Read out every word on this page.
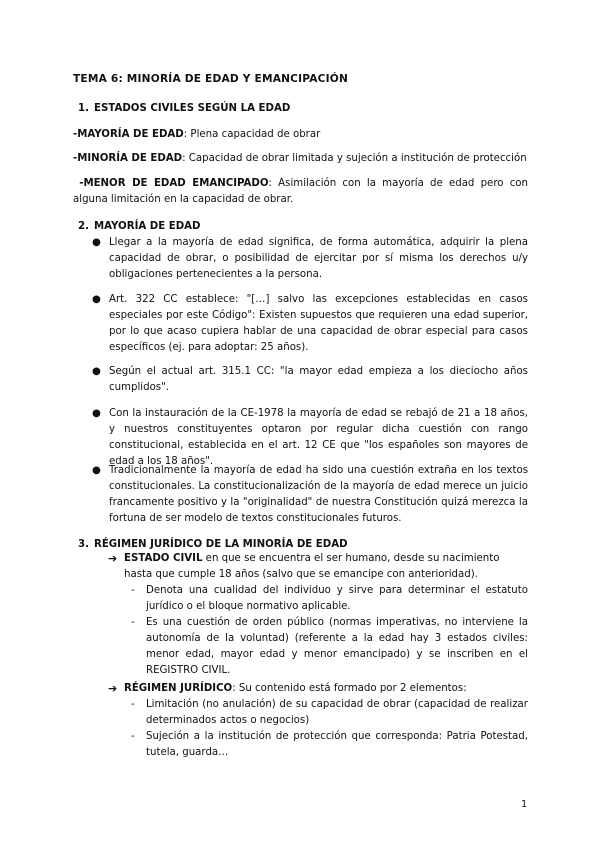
TEMA 6: MINORÍA DE EDAD Y EMANCIPACIÓN
1. ESTADOS CIVILES SEGÚN LA EDAD
-MAYORÍA DE EDAD: Plena capacidad de obrar
-MINORÍA DE EDAD: Capacidad de obrar limitada y sujeción a institución de protección
-MENOR DE EDAD EMANCIPADO: Asimilación con la mayoría de edad pero con alguna limitación en la capacidad de obrar.
2. MAYORÍA DE EDAD
● Llegar a la mayoría de edad significa, de forma automática, adquirir la plena capacidad de obrar, o posibilidad de ejercitar por sí misma los derechos u/y obligaciones pertenecientes a la persona.
● Art. 322 CC establece: "[…] salvo las excepciones establecidas en casos especiales por este Código": Existen supuestos que requieren una edad superior, por lo que acaso cupiera hablar de una capacidad de obrar especial para casos específicos (ej. para adoptar: 25 años).
● Según el actual art. 315.1 CC: "la mayor edad empieza a los dieciocho años cumplidos".
● Con la instauración de la CE-1978 la mayoría de edad se rebajó de 21 a 18 años, y nuestros constituyentes optaron por regular dicha cuestión con rango constitucional, establecida en el art. 12 CE que "los españoles son mayores de edad a los 18 años".
● Tradicionalmente la mayoría de edad ha sido una cuestión extraña en los textos constitucionales. La constitucionalización de la mayoría de edad merece un juicio francamente positivo y la "originalidad" de nuestra Constitución quizá merezca la fortuna de ser modelo de textos constitucionales futuros.
3. RÉGIMEN JURÍDICO DE LA MINORÍA DE EDAD
➔ ESTADO CIVIL en que se encuentra el ser humano, desde su nacimiento hasta que cumple 18 años (salvo que se emancipe con anterioridad).
- Denota una cualidad del individuo y sirve para determinar el estatuto jurídico o el bloque normativo aplicable.
- Es una cuestión de orden público (normas imperativas, no interviene la autonomía de la voluntad) (referente a la edad hay 3 estados civiles: menor edad, mayor edad y menor emancipado) y se inscriben en el REGISTRO CIVIL.
➔ RÉGIMEN JURÍDICO: Su contenido está formado por 2 elementos:
- Limitación (no anulación) de su capacidad de obrar (capacidad de realizar determinados actos o negocios)
- Sujeción a la institución de protección que corresponda: Patria Potestad, tutela, guarda…
1
